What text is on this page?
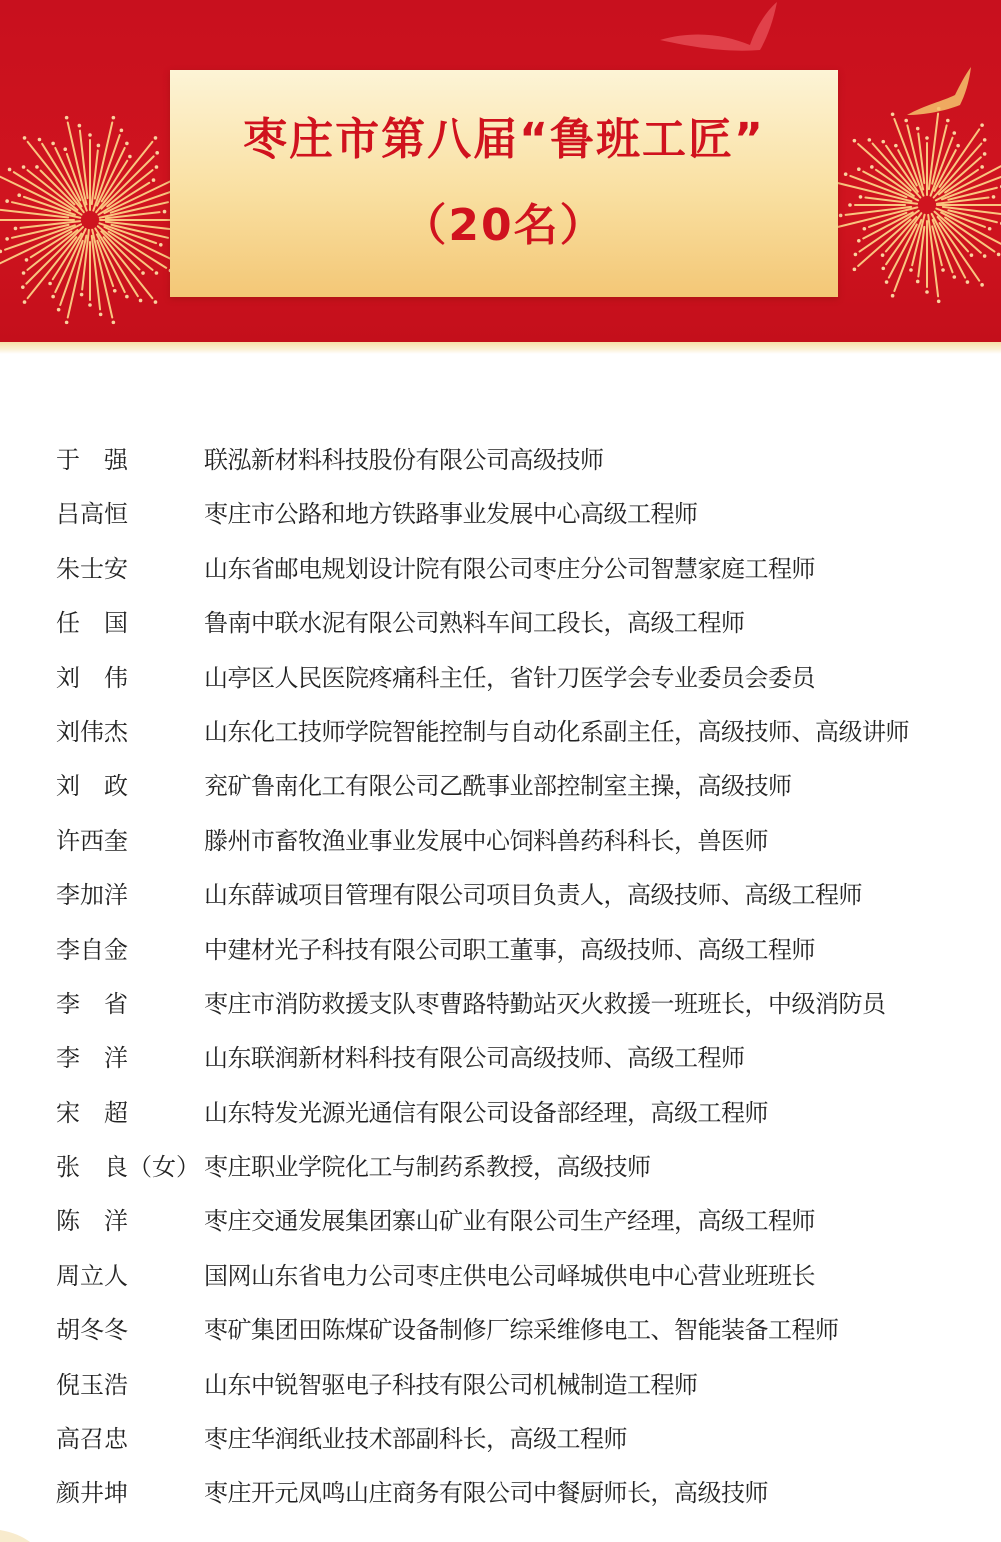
枣庄市第八届“鲁班工匠”
（20名）
于　强	联泓新材料科技股份有限公司高级技师
吕高恒	枣庄市公路和地方铁路事业发展中心高级工程师
朱士安	山东省邮电规划设计院有限公司枣庄分公司智慧家庭工程师
任　国	鲁南中联水泥有限公司熟料车间工段长，高级工程师
刘　伟	山亭区人民医院疼痛科主任，省针刀医学会专业委员会委员
刘伟杰	山东化工技师学院智能控制与自动化系副主任，高级技师、高级讲师
刘　政	兖矿鲁南化工有限公司乙酰事业部控制室主操，高级技师
许西奎	滕州市畜牧渔业事业发展中心饲料兽药科科长，兽医师
李加洋	山东薛诚项目管理有限公司项目负责人，高级技师、高级工程师
李自金	中建材光子科技有限公司职工董事，高级技师、高级工程师
李　省	枣庄市消防救援支队枣曹路特勤站灭火救援一班班长，中级消防员
李　洋	山东联润新材料科技有限公司高级技师、高级工程师
宋　超	山东特发光源光通信有限公司设备部经理，高级工程师
张　良（女） 枣庄职业学院化工与制药系教授，高级技师
陈　洋	枣庄交通发展集团寨山矿业有限公司生产经理，高级工程师
周立人	国网山东省电力公司枣庄供电公司峄城供电中心营业班班长
胡冬冬	枣矿集团田陈煤矿设备制修厂综采维修电工、智能装备工程师
倪玉浩	山东中锐智驱电子科技有限公司机械制造工程师
高召忠	枣庄华润纸业技术部副科长，高级工程师
颜井坤	枣庄开元凤鸣山庄商务有限公司中餐厨师长，高级技师
